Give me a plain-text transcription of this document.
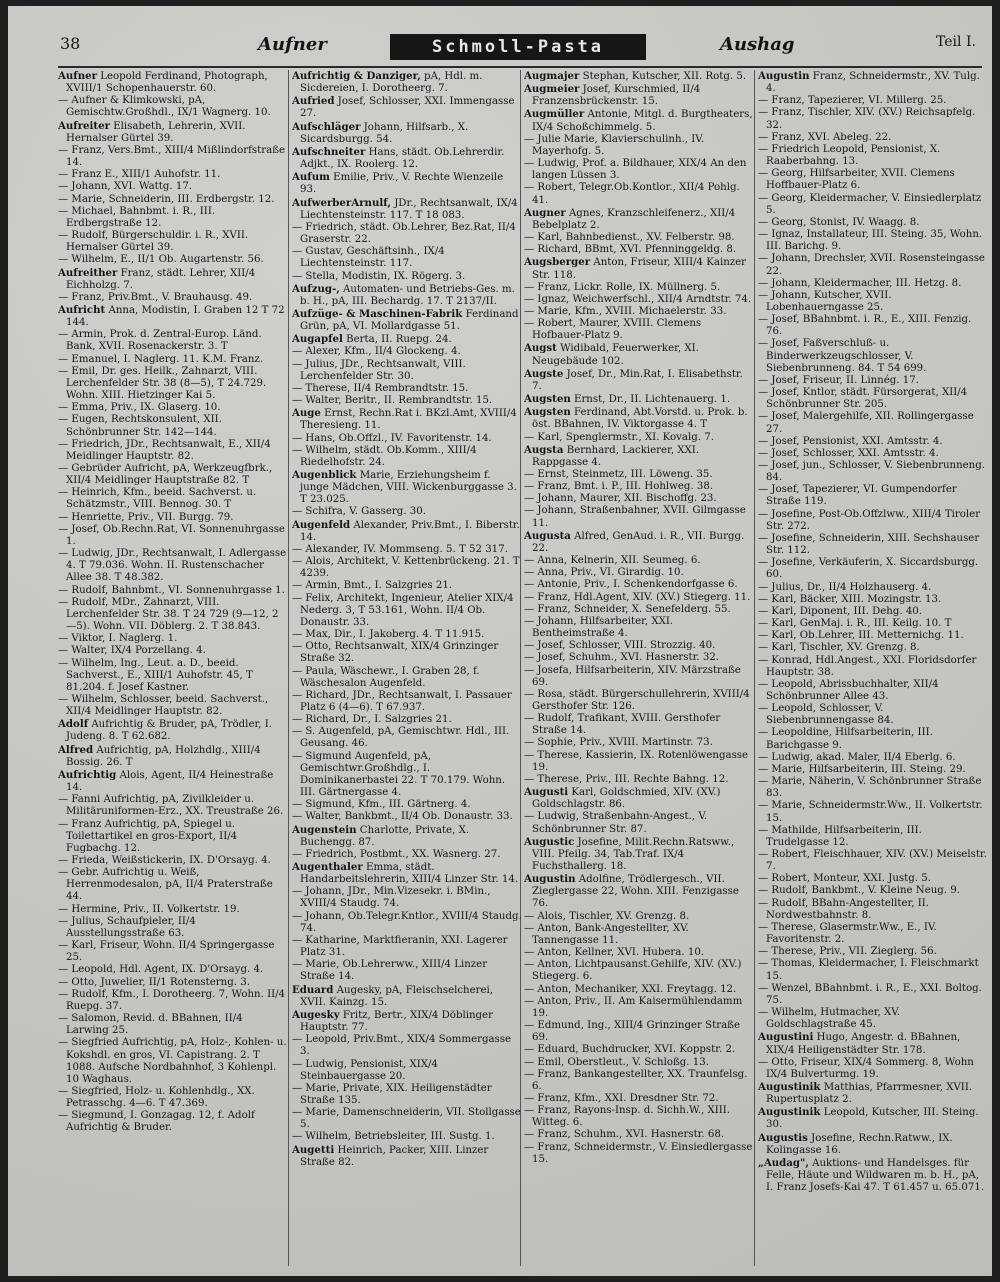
38	Aufner	Schmoll-Pasta	Aushag	Teil I.

Aufner Leopold Ferdinand, Photograph, XVIII/1 Schopenhauerstr. 60.

— Aufner & Klimkowski, pA, Gemischtw.Großhdl., IX/1 Wagnerg. 10.

Aufreiter Elisabeth, Lehrerin, XVII. Hernalser Gürtel 39.

— Franz, Vers.Bmt., XIII/4 Mißlindorfstraße 14.

— Franz E., XIII/1 Auhofstr. 11.

— Johann, XVI. Wattg. 17.

— Marie, Schneiderin, III. Erdbergstr. 12.

— Michael, Bahnbmt. i. R., III. Erdbergstraße 12.

— Rudolf, Bürgerschuldir. i. R., XVII. Hernalser Gürtel 39.

— Wilhelm, E., II/1 Ob. Augartenstr. 56.

Aufreither Franz, städt. Lehrer, XII/4 Eichholzg. 7.

— Franz, Priv.Bmt., V. Brauhausg. 49.

Aufricht Anna, Modistin, I. Graben 12 T 72 144.

— Armin, Prok. d. Zentral-Europ. Länd. Bank, XVII. Rosenackerstr. 3. T

— Emanuel, I. Naglerg. 11. K.M. Franz.

— Emil, Dr. ges. Heilk., Zahnarzt, VIII. Lerchenfelder Str. 38 (8—5), T 24.729. Wohn. XIII. Hietzinger Kai 5.

— Emma, Priv., IX. Glaserg. 10.

— Eugen, Rechtskonsulent, XII. Schönbrunner Str. 142—144.

— Friedrich, JDr., Rechtsanwalt, E., XII/4 Meidlinger Hauptstr. 82.

— Gebrüder Aufricht, pA, Werkzeugfbrk., XII/4 Meidlinger Hauptstraße 82. T

— Heinrich, Kfm., beeid. Sachverst. u. Schätzmstr., VIII. Bennog. 30. T

— Henriette, Priv., VII. Burgg. 79.

— Josef, Ob.Rechn.Rat, VI. Sonnenuhrgasse 1.

— Ludwig, JDr., Rechtsanwalt, I. Adlergasse 4. T 79.036. Wohn. II. Rustenschacher Allee 38. T 48.382.

— Rudolf, Bahnbmt., VI. Sonnenuhrgasse 1.

— Rudolf, MDr., Zahnarzt, VIII. Lerchenfelder Str. 38. T 24 729 (9—12, 2—5). Wohn. VII. Döblerg. 2. T 38.843.

— Viktor, I. Naglerg. 1.

— Walter, IX/4 Porzellang. 4.

— Wilhelm, Ing., Leut. a. D., beeid. Sachverst., E., XIII/1 Auhofstr. 45, T 81.204. f. Josef Kastner.

— Wilhelm, Schlosser, beeid. Sachverst., XII/4 Meidlinger Hauptstr. 82.

Adolf Aufrichtig & Bruder, pA, Trödler, I. Judeng. 8. T 62.682.

Alfred Aufrichtig, pA, Holzhdlg., XIII/4 Bossig. 26. T

Aufrichtig Alois, Agent, II/4 Heinestraße 14.

— Fanni Aufrichtig, pA, Zivilkleider u. Militäruniformen-Erz., XX. Treustraße 26.

— Franz Aufrichtig, pA, Spiegel u. Toilettartikel en gros-Export, II/4 Fugbachg. 12.

— Frieda, Weißstickerin, IX. D'Orsayg. 4.

— Gebr. Aufrichtig u. Weiß, Herrenmodesalon, pA, II/4 Praterstraße 44.

— Hermine, Priv., II. Volkertstr. 19.

— Julius, Schaufpieler, II/4 Ausstellungsstraße 63.

— Karl, Friseur, Wohn. II/4 Springergasse 25.

— Leopold, Hdl. Agent, IX. D'Orsayg. 4.

— Otto, Juwelier, II/1 Rotensterng. 3.

— Rudolf, Kfm., I. Dorotheerg. 7, Wohn. II/4 Ruepg. 37.

— Salomon, Revid. d. BBahnen, II/4 Larwing 25.

— Siegfried Aufrichtig, pA, Holz-, Kohlen- u. Kokshdl. en gros, VI. Capistrang. 2. T 1088. Aufsche Nordbahnhof, 3 Kohlenpl. 10 Waghaus.

— Siegfried, Holz- u. Kohlenhdlg., XX. Petrasschg. 4—6. T 47.369.

— Siegmund, I. Gonzagag. 12, f. Adolf Aufrichtig & Bruder.

Aufrichtig & Danziger, pA, Hdl. m. Sicdereien, I. Dorotheerg. 7.

Aufried Josef, Schlosser, XXI. Immengasse 27.

Aufschläger Johann, Hilfsarb., X. Sicardsburgg. 54.

Aufschneiter Hans, städt. Ob.Lehrerdir. Adjkt., IX. Roolerg. 12.

Aufum Emilie, Priv., V. Rechte Wienzeile 93.

AufwerberArnulf, JDr., Rechtsanwalt, IX/4 Liechtensteinstr. 117. T 18 083.

— Friedrich, städt. Ob.Lehrer, Bez.Rat, II/4 Graserstr. 22.

— Gustav, Geschäftsinh., IX/4 Liechtensteinstr. 117.

— Stella, Modistin, IX. Rögerg. 3.

Aufzug-, Automaten- und Betriebs-Ges. m. b. H., pA, III. Bechardg. 17. T 2137/II.

Aufzüge- & Maschinen-Fabrik Ferdinand Grün, pA, VI. Mollardgasse 51.

Augapfel Berta, II. Ruepg. 24.

— Alexer, Kfm., II/4 Glockeng. 4.

— Julius, JDr., Rechtsanwalt, VIII. Lerchenfelder Str. 30.

— Therese, II/4 Rembrandtstr. 15.

— Walter, Beritr., II. Rembrandtstr. 15.

Auge Ernst, Rechn.Rat i. BKzl.Amt, XVIII/4 Theresieng. 11.

— Hans, Ob.Offzl., IV. Favoritenstr. 14.

— Wilhelm, städt. Ob.Komm., XIII/4 Riedelhofstr. 24.

Augenblick Marie, Erziehungsheim f. junge Mädchen, VIII. Wickenburggasse 3. T 23.025.

— Schifra, V. Gasserg. 30.

Augenfeld Alexander, Priv.Bmt., I. Biberstr. 14.

— Alexander, IV. Mommseng. 5. T 52 317.

— Alois, Architekt, V. Kettenbrückeng. 21. T 4239.

— Armin, Bmt., I. Salzgries 21.

— Felix, Architekt, Ingenieur, Atelier XIX/4 Nederg. 3, T 53.161, Wohn. II/4 Ob. Donaustr. 33.

— Max, Dir., I. Jakoberg. 4. T 11.915.

— Otto, Rechtsanwalt, XIX/4 Grinzinger Straße 32.

— Paula, Wäschewr., I. Graben 28, f. Wäschesalon Augenfeld.

— Richard, JDr., Rechtsanwalt, I. Passauer Platz 6 (4—6). T 67.937.

— Richard, Dr., I. Salzgries 21.

— S. Augenfeld, pA, Gemischtwr. Hdl., III. Geusang. 46.

— Sigmund Augenfeld, pA, Gemischtwr.Großhdlg., I. Dominikanerbastei 22. T 70.179. Wohn. III. Gärtnergasse 4.

— Sigmund, Kfm., III. Gärtnerg. 4.

— Walter, Bankbmt., II/4 Ob. Donaustr. 33.

Augenstein Charlotte, Private, X. Buchengg. 87.

— Friedrich, Postbmt., XX. Wasnerg. 27.

Augenthaler Emma, städt. Handarbeitslehrerin, XIII/4 Linzer Str. 14.

— Johann, JDr., Min.Vizesekr. i. BMin., XVIII/4 Staudg. 74.

— Johann, Ob.Telegr.Kntlor., XVIII/4 Staudg. 74.

— Katharine, Marktfieranin, XXI. Lagerer Platz 31.

— Marie, Ob.Lehrerww., XIII/4 Linzer Straße 14.

Eduard Augesky, pA, Fleischselcherei, XVII. Kainzg. 15.

Augesky Fritz, Bertr., XIX/4 Döblinger Hauptstr. 77.

— Leopold, Priv.Bmt., XIX/4 Sommergasse 3.

— Ludwig, Pensionist, XIX/4 Steinbauergasse 20.

— Marie, Private, XIX. Heiligenstädter Straße 135.

— Marie, Damenschneiderin, VII. Stollgasse 5.

— Wilhelm, Betriebsleiter, III. Sustg. 1.

Augetti Heinrich, Packer, XIII. Linzer Straße 82.

Augmajer Stephan, Kutscher, XII. Rotg. 5.

Augmeier Josef, Kurschmied, II/4 Franzensbrückenstr. 15.

Augmüller Antonie, Mitgl. d. Burgtheaters, IX/4 Schoßchimmelg. 5.

— Julie Marie, Klavierschulinh., IV. Mayerhofg. 5.

— Ludwig, Prof. a. Bildhauer, XIX/4 An den langen Lüssen 3.

— Robert, Telegr.Ob.Kontlor., XII/4 Pohlg. 41.

Augner Agnes, Kranzschleifenerz., XII/4 Bebelplatz 2.

— Karl, Bahnbedienst., XV. Felberstr. 98.

— Richard, BBmt, XVI. Pfenninggeldg. 8.

Augsberger Anton, Friseur, XIII/4 Kainzer Str. 118.

— Franz, Lickr. Rolle, IX. Müllnerg. 5.

— Ignaz, Weichwerfschl., XII/4 Arndtstr. 74.

— Marie, Kfm., XVIII. Michaelerstr. 33.

— Robert, Maurer, XVIII. Clemens Hofbauer-Platz 9.

Augst Widibald, Feuerwerker, XI. Neugebäude 102.

Augste Josef, Dr., Min.Rat, I. Elisabethstr. 7.

Augsten Ernst, Dr., II. Lichtenauerg. 1.

Augsten Ferdinand, Abt.Vorstd. u. Prok. b. öst. BBahnen, IV. Viktorgasse 4. T

— Karl, Spenglermstr., XI. Kovalg. 7.

Augsta Bernhard, Lackierer, XXI. Rappgasse 4.

— Ernst, Steinmetz, III. Löweng. 35.

— Franz, Bmt. i. P., III. Hohlweg. 38.

— Johann, Maurer, XII. Bischoffg. 23.

— Johann, Straßenbahner, XVII. Gilmgasse 11.

Augusta Alfred, GenAud. i. R., VII. Burgg. 22.

— Anna, Kelnerin, XII. Seumeg. 6.

— Anna, Priv., VI. Girardig. 10.

— Antonie, Priv., I. Schenkendorfgasse 6.

— Franz, Hdl.Agent, XIV. (XV.) Stiegerg. 11.

— Franz, Schneider, X. Senefelderg. 55.

— Johann, Hilfsarbeiter, XXI. Bentheimstraße 4.

— Josef, Schlosser, VIII. Strozzig. 40.

— Josef, Schuhm., XVI. Hasnerstr. 32.

— Josefa, Hilfsarbeiterin, XIV. Märzstraße 69.

— Rosa, städt. Bürgerschullehrerin, XVIII/4 Gersthofer Str. 126.

— Rudolf, Trafikant, XVIII. Gersthofer Straße 14.

— Sophie, Priv., XVIII. Martinstr. 73.

— Therese, Kassierin, IX. Rotenlöwengasse 19.

— Therese, Priv., III. Rechte Bahng. 12.

Augusti Karl, Goldschmied, XIV. (XV.) Goldschlagstr. 86.

— Ludwig, Straßenbahn-Angest., V. Schönbrunner Str. 87.

Augustic Josefine, Milit.Rechn.Ratsww., VIII. Pfeilg. 34, Tab.Traf. IX/4 Fuchsthallerg. 18.

Augustin Adolfine, Trödlergesch., VII. Zieglergasse 22, Wohn. XIII. Fenzigasse 76.

— Alois, Tischler, XV. Grenzg. 8.

— Anton, Bank-Angestellter, XV. Tannengasse 11.

— Anton, Kellner, XVI. Hubera. 10.

— Anton, Lichtpausanst.Gehilfe, XIV. (XV.) Stiegerg. 6.

— Anton, Mechaniker, XXI. Freytagg. 12.

— Anton, Priv., II. Am Kaisermühlendamm 19.

— Edmund, Ing., XIII/4 Grinzinger Straße 69.

— Eduard, Buchdrucker, XVI. Koppstr. 2.

— Emil, Oberstleut., V. Schloßg. 13.

— Franz, Bankangestellter, XX. Traunfelsg. 6.

— Franz, Kfm., XXI. Dresdner Str. 72.

— Franz, Rayons-Insp. d. Sichh.W., XIII. Witteg. 6.

— Franz, Schuhm., XVI. Hasnerstr. 68.

— Franz, Schneidermstr., V. Einsiedlergasse 15.

Augustin Franz, Schneidermstr., XV. Tulg. 4.

— Franz, Tapezierer, VI. Millerg. 25.

— Franz, Tischler, XIV. (XV.) Reichsapfelg. 32.

— Franz, XVI. Abeleg. 22.

— Friedrich Leopold, Pensionist, X. Raaberbahng. 13.

— Georg, Hilfsarbeiter, XVII. Clemens Hoffbauer-Platz 6.

— Georg, Kleidermacher, V. Einsiedlerplatz 5.

— Georg, Stonist, IV. Waagg. 8.

— Ignaz, Installateur, III. Steing. 35, Wohn. III. Barichg. 9.

— Johann, Drechsler, XVII. Rosensteingasse 22.

— Johann, Kleidermacher, III. Hetzg. 8.

— Johann, Kutscher, XVII. Lobenhauerngasse 25.

— Josef, BBahnbmt. i. R., E., XIII. Fenzig. 76.

— Josef, Faßverschluß- u. Binderwerkzeugschlosser, V. Siebenbrunneng. 84. T 54 699.

— Josef, Friseur, II. Linnég. 17.

— Josef, Kntlor, städt. Fürsorgerat, XII/4 Schönbrunner Str. 205.

— Josef, Malergehilfe, XII. Rollingergasse 27.

— Josef, Pensionist, XXI. Amtsstr. 4.

— Josef, Schlosser, XXI. Amtsstr. 4.

— Josef, jun., Schlosser, V. Siebenbrunneng. 84.

— Josef, Tapezierer, VI. Gumpendorfer Straße 119.

— Josefine, Post-Ob.Offzlww., XIII/4 Tiroler Str. 272.

— Josefine, Schneiderin, XIII. Sechshauser Str. 112.

— Josefine, Verkäuferin, X. Siccardsburgg. 60.

— Julius, Dr., II/4 Holzhauserg. 4.

— Karl, Bäcker, XIII. Mozingstr. 13.

— Karl, Diponent, III. Dehg. 40.

— Karl, GenMaj. i. R., III. Keilg. 10. T

— Karl, Ob.Lehrer, III. Metternichg. 11.

— Karl, Tischler, XV. Grenzg. 8.

— Konrad, Hdl.Angest., XXI. Floridsdorfer Hauptstr. 38.

— Leopold, Abrissbuchhalter, XII/4 Schönbrunner Allee 43.

— Leopold, Schlosser, V. Siebenbrunnengasse 84.

— Leopoldine, Hilfsarbeiterin, III. Barichgasse 9.

— Ludwig, akad. Maler, II/4 Eberlg. 6.

— Marie, Hilfsarbeiterin, III. Steing. 29.

— Marie, Näherin, V. Schönbrunner Straße 83.

— Marie, Schneidermstr.Ww., II. Volkertstr. 15.

— Mathilde, Hilfsarbeiterin, III. Trudelgasse 12.

— Robert, Fleischhauer, XIV. (XV.) Meiselstr. 7.

— Robert, Monteur, XXI. Justg. 5.

— Rudolf, Bankbmt., V. Kleine Neug. 9.

— Rudolf, BBahn-Angestellter, II. Nordwestbahnstr. 8.

— Therese, Glasermstr.Ww., E., IV. Favoritenstr. 2.

— Therese, Priv., VII. Zieglerg. 56.

— Thomas, Kleidermacher, I. Fleischmarkt 15.

— Wenzel, BBahnbmt. i. R., E., XXI. Boltog. 75.

— Wilhelm, Hutmacher, XV. Goldschlagstraße 45.

Augustini Hugo, Angestr. d. BBahnen, XIX/4 Heiligenstädter Str. 178.

— Otto, Friseur, XIX/4 Sommerg. 8, Wohn IX/4 Bulverturmg. 19.

Augustinik Matthias, Pfarrmesner, XVII. Rupertusplatz 2.

Augustinik Leopold, Kutscher, III. Steing. 30.

Augustis Josefine, Rechn.Ratww., IX. Kolingasse 16.

„Audag", Auktions- und Handelsges. für Felle, Häute und Wildwaren m. b. H., pA, I. Franz Josefs-Kai 47. T 61.457 u. 65.071.
